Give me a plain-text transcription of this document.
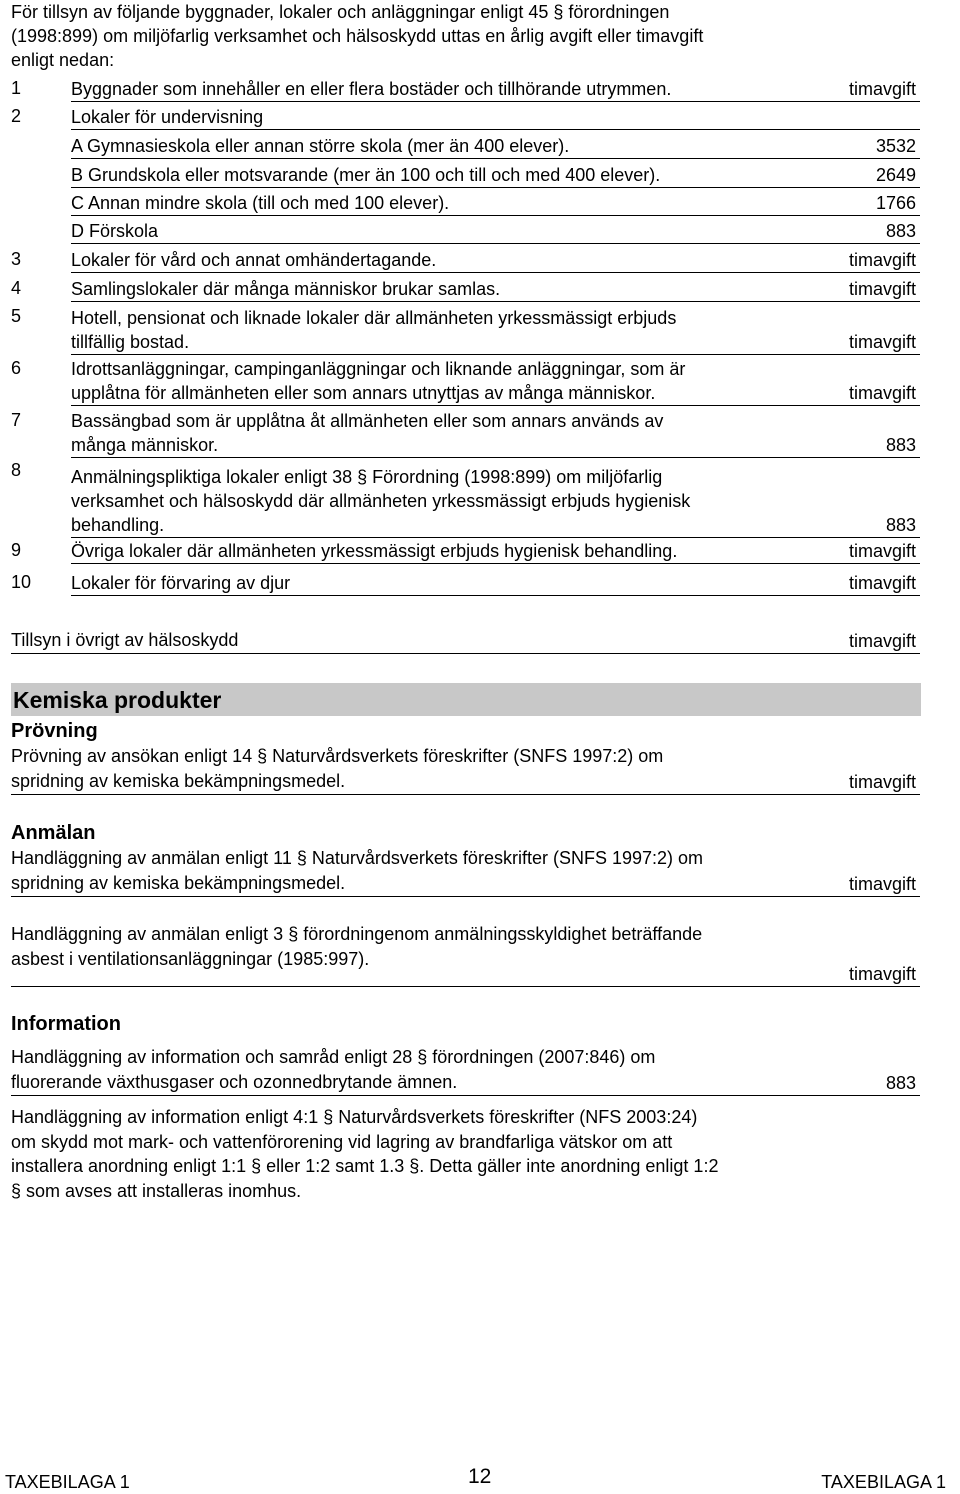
För tillsyn av följande byggnader, lokaler och anläggningar enligt 45 § förordningen
(1998:899) om miljöfarlig verksamhet och hälsoskydd uttas en årlig avgift eller timavgift
enligt nedan:
1	Byggnader som innehåller en eller flera bostäder och tillhörande utrymmen.	timavgift
2	Lokaler för undervisning
A Gymnasieskola eller annan större skola (mer än 400 elever).	3532
B Grundskola eller motsvarande (mer än 100 och till och med 400 elever).	2649
C Annan mindre skola (till och med 100 elever).	1766
D Förskola	883
3	Lokaler för vård och annat omhändertagande.	timavgift
4	Samlingslokaler där många människor brukar samlas.	timavgift
5	Hotell, pensionat och liknade lokaler där allmänheten yrkessmässigt erbjuds
tillfällig bostad.	timavgift
6	Idrottsanläggningar, campinganläggningar och liknande anläggningar, som är
upplåtna för allmänheten eller som annars utnyttjas av många människor.	timavgift
7	Bassängbad som är upplåtna åt allmänheten eller som annars används av
många människor.	883
8	Anmälningspliktiga lokaler enligt 38 § Förordning (1998:899) om miljöfarlig
verksamhet och hälsoskydd där allmänheten yrkessmässigt erbjuds hygienisk
behandling.	883
9	Övriga lokaler där allmänheten yrkessmässigt erbjuds hygienisk behandling.	timavgift
10 Lokaler för förvaring av djur	timavgift
Tillsyn i övrigt av hälsoskydd	timavgift
Kemiska produkter
Prövning
Prövning av ansökan enligt 14 § Naturvårdsverkets föreskrifter (SNFS 1997:2) om
spridning av kemiska bekämpningsmedel.	timavgift
Anmälan
Handläggning av anmälan enligt 11 § Naturvårdsverkets föreskrifter (SNFS 1997:2) om
spridning av kemiska bekämpningsmedel.	timavgift
Handläggning av anmälan enligt 3 § förordningenom anmälningsskyldighet beträffande
asbest i ventilationsanläggningar (1985:997).
timavgift
Information
Handläggning av information och samråd enligt 28 § förordningen (2007:846) om
fluorerande växthusgaser och ozonnedbrytande ämnen.	883
Handläggning av information enligt 4:1 § Naturvårdsverkets föreskrifter (NFS 2003:24)
om skydd mot mark- och vattenförorening vid lagring av brandfarliga vätskor om att
installera anordning enligt 1:1 § eller 1:2 samt 1.3 §. Detta gäller inte anordning enligt 1:2
§ som avses att installeras inomhus.
TAXEBILAGA 1	12	TAXEBILAGA 1
